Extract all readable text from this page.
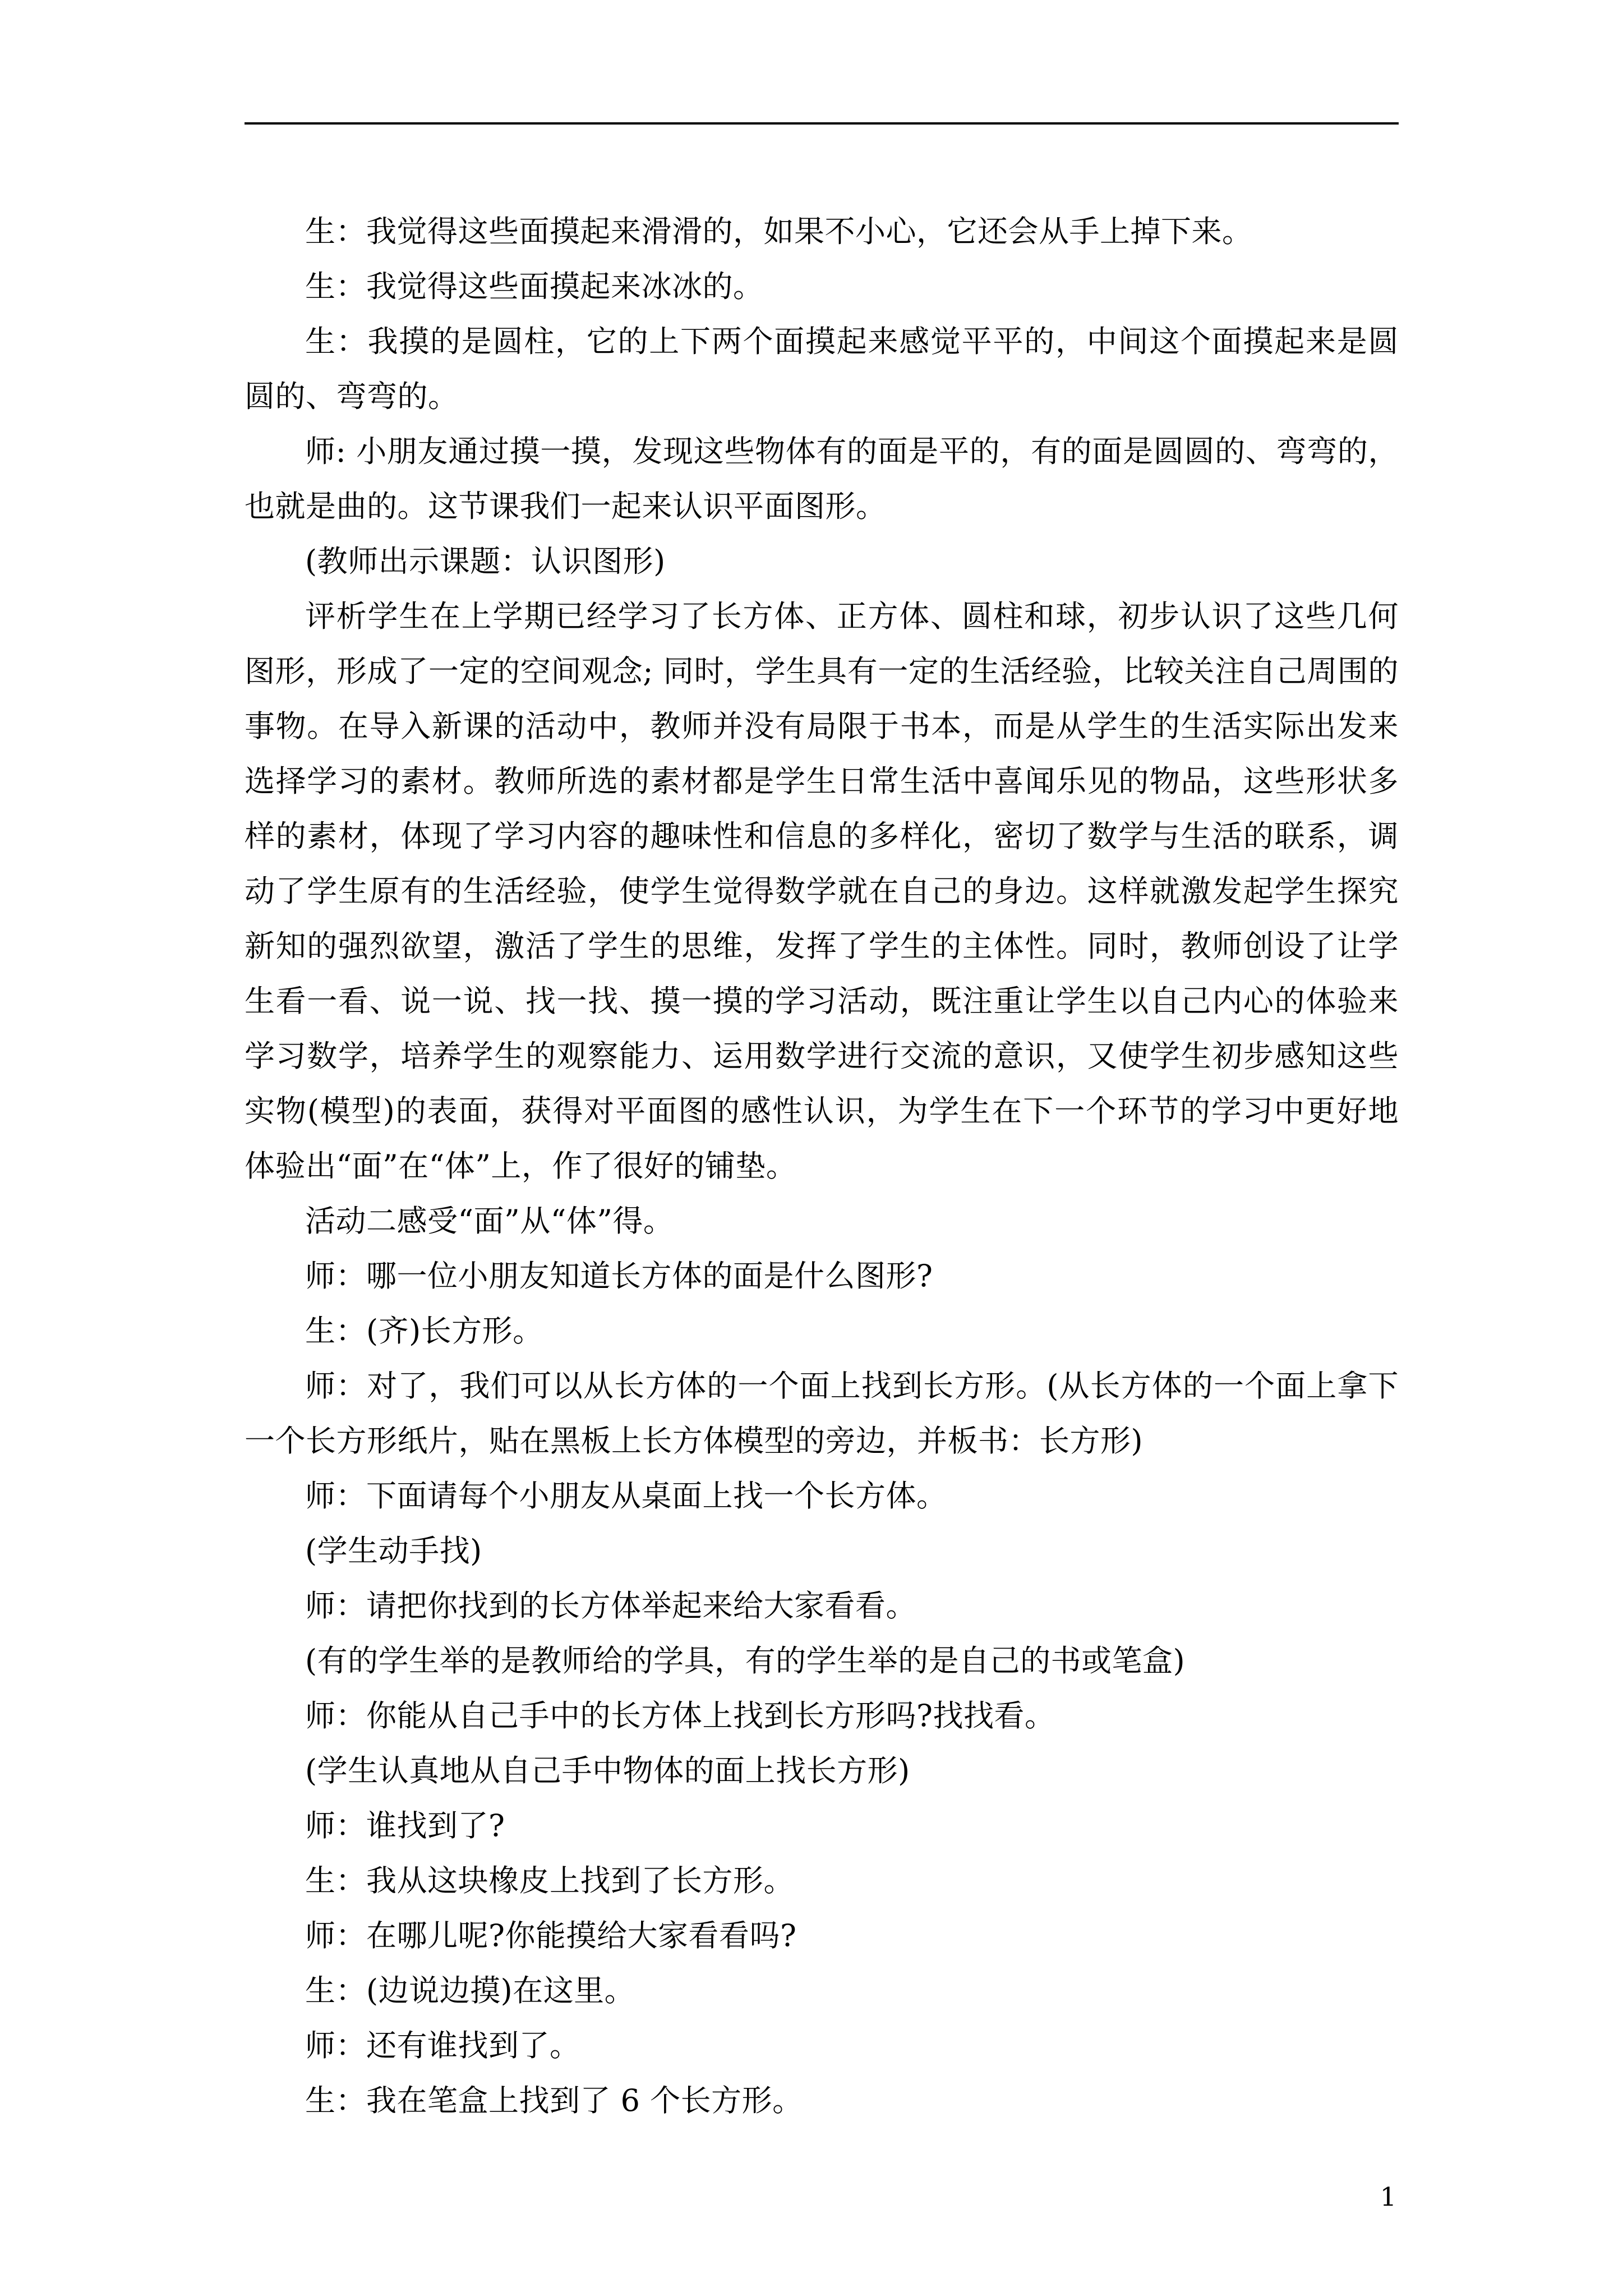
生：我觉得这些面摸起来滑滑的，如果不小心，它还会从手上掉下来。

生：我觉得这些面摸起来冰冰的。

生：我摸的是圆柱，它的上下两个面摸起来感觉平平的，中间这个面摸起来是圆圆的、弯弯的。

师: 小朋友通过摸一摸，发现这些物体有的面是平的，有的面是圆圆的、弯弯的，也就是曲的。这节课我们一起来认识平面图形。

(教师出示课题：认识图形)

评析学生在上学期已经学习了长方体、正方体、圆柱和球，初步认识了这些几何图形，形成了一定的空间观念; 同时，学生具有一定的生活经验，比较关注自己周围的事物。在导入新课的活动中，教师并没有局限于书本，而是从学生的生活实际出发来选择学习的素材。教师所选的素材都是学生日常生活中喜闻乐见的物品，这些形状多样的素材，体现了学习内容的趣味性和信息的多样化，密切了数学与生活的联系，调动了学生原有的生活经验，使学生觉得数学就在自己的身边。这样就激发起学生探究新知的强烈欲望，激活了学生的思维，发挥了学生的主体性。同时，教师创设了让学生看一看、说一说、找一找、摸一摸的学习活动，既注重让学生以自己内心的体验来学习数学，培养学生的观察能力、运用数学进行交流的意识，又使学生初步感知这些实物(模型)的表面，获得对平面图的感性认识，为学生在下一个环节的学习中更好地体验出“面”在“体”上，作了很好的铺垫。

活动二感受“面”从“体”得。

师：哪一位小朋友知道长方体的面是什么图形?

生：(齐)长方形。

师：对了，我们可以从长方体的一个面上找到长方形。(从长方体的一个面上拿下一个长方形纸片，贴在黑板上长方体模型的旁边，并板书：长方形)

师：下面请每个小朋友从桌面上找一个长方体。

(学生动手找)

师：请把你找到的长方体举起来给大家看看。

(有的学生举的是教师给的学具，有的学生举的是自己的书或笔盒)

师：你能从自己手中的长方体上找到长方形吗?找找看。

(学生认真地从自己手中物体的面上找长方形)

师：谁找到了?

生：我从这块橡皮上找到了长方形。

师：在哪儿呢?你能摸给大家看看吗?

生：(边说边摸)在这里。

师：还有谁找到了。

生：我在笔盒上找到了 6 个长方形。

1
